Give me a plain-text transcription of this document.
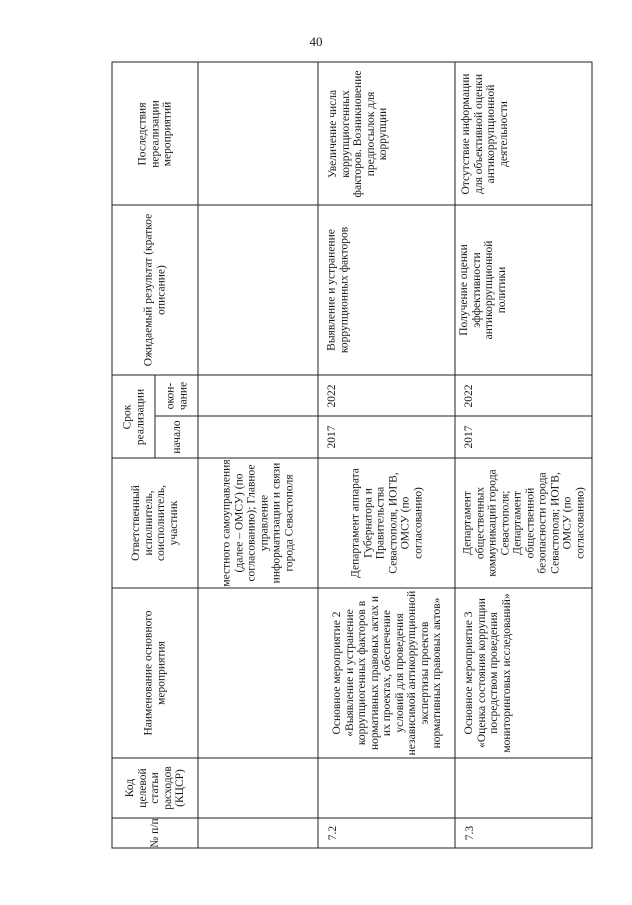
40
№ п/п
Код целевой статьи расходов (КЦСР)
Наименование основного мероприятия
Ответственный исполнитель, соисполнитель, участник
Срок реализации начало
окон-чание
Ожидаемый результат (краткое описание)
Последствия нереализации мероприятий
местного самоуправления (далее – ОМСУ) (по согласованию); Главное управление информатизации и связи города Севастополя
7.2
Основное мероприятие 2 «Выявление и устранение коррупциогенных факторов в нормативных правовых актах и их проектах, обеспечение условий для проведения независимой антикоррупционной экспертизы проектов нормативных правовых актов»
Департамент аппарата Губернатора и Правительства Севастополя, ИОГВ, ОМСУ (по согласованию)
2017
2022
Выявление и устранение коррупционных факторов
Увеличение числа коррупциогенных факторов. Возникновение предпосылок для коррупции
7.3
Основное мероприятие 3 «Оценка состояния коррупции посредством проведения мониторинговых исследований»
Департамент общественных коммуникаций города Севастополя; Департамент общественной безопасности города Севастополя; ИОГВ, ОМСУ (по согласованию)
2017
2022
Получение оценки эффективности антикоррупционной политики
Отсутствие информации для объективной оценки антикоррупционной деятельности
